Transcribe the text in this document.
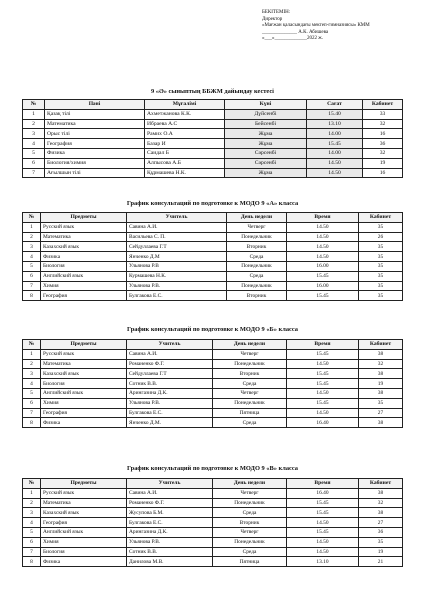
БЕКІТЕМІН:
Директор
«Мағжан қаласындағы мектеп-гимназиясы» КММ
______________ А.К. Абишева
«___»_____________2022 ж.
9 «Ә» сыныптың ББЖМ дайындау кестесі
№	Пәні	Мұғалімі	Күні	Сағат	Кабинет
1	Қазақ тілі	Ахметжанова К.К.	Дүйсенбі	15.40	33
2	Математика	Ибраева А.С	Бейсенбі	13.10	32
3	Орыс тілі	Рамих О.А	Жұма	14.00	16
4	География	Базар И	Жұма	15.45	36
5	Физика	Саидал Б	Сәрсенбі	14.00	32
6	Биология/химия	Алпысова А.Б	Сәрсенбі	14.50	19
7	Ағылшын тілі	Құрмашева Н.К.	Жұма	14.50	16
График консультаций по подготовке к МОДО 9 «А» класса
№	Предметы	Учитель	День недели	Время	Кабинет
1	Русский язык	Савина А.И.	Четверг	14.50	35
2	Математика	Васильева С. П.	Понедельник	14.50	26
3	Казахский язык	Сейдуллаева Г.Т	Вторник	14.50	35
4	Физика	Янченко Д.М	Среда	14.50	35
5	Биология	Ульянова Р.В	Понедельник	16.00	35
6	Английский язык	Курмашева Н.К.	Среда	15.45	35
7	Химия	Ульянова Р.В.	Понедельник	16.00	35
8	География	Булгакова Е.С.	Вторник	15.45	35
График консультаций по подготовке к МОДО 9 «Б» класса
№	Предметы	Учитель	День недели	Время	Кабинет
1	Русский язык	Савина А.И.	Четверг	15.45	38
2	Математика	Романенко Ф.Г.	Понедельник	14.50	32
3	Казахский язык	Сейдуллаева Г.Т	Вторник	15.45	38
4	Биология	Сотник В.В.	Среда	15.45	19
5	Английский язык	Арингазина Д.К.	Четверг	14.50	38
6	Химия	Ульянова Р.В.	Понедельник	15.45	35
7	География	Булгакова Е.С.	Пятница	14.50	27
8	Физика	Янченко Д.М.	Среда	16.40	38
График консультаций по подготовке к МОДО 9 «В» класса
№	Предметы	Учитель	День недели	Время	Кабинет
1	Русский язык	Савина А.И.	Четверг	16.40	38
2	Математика	Романенко Ф.Г.	Понедельник	15.45	32
3	Казахский язык	Жусупова Б.М.	Среда	15.45	38
4	География	Булгакова Е.С.	Вторник	14.50	27
5	Английский язык	Арингазина Д.К.	Четверг	15.45	36
6	Химия	Ульянова Р.В.	Понедельник	14.50	35
7	Биология	Сотник В.В.	Среда	14.50	19
8	Физика	Данилова М.В.	Пятница	13.10	21
